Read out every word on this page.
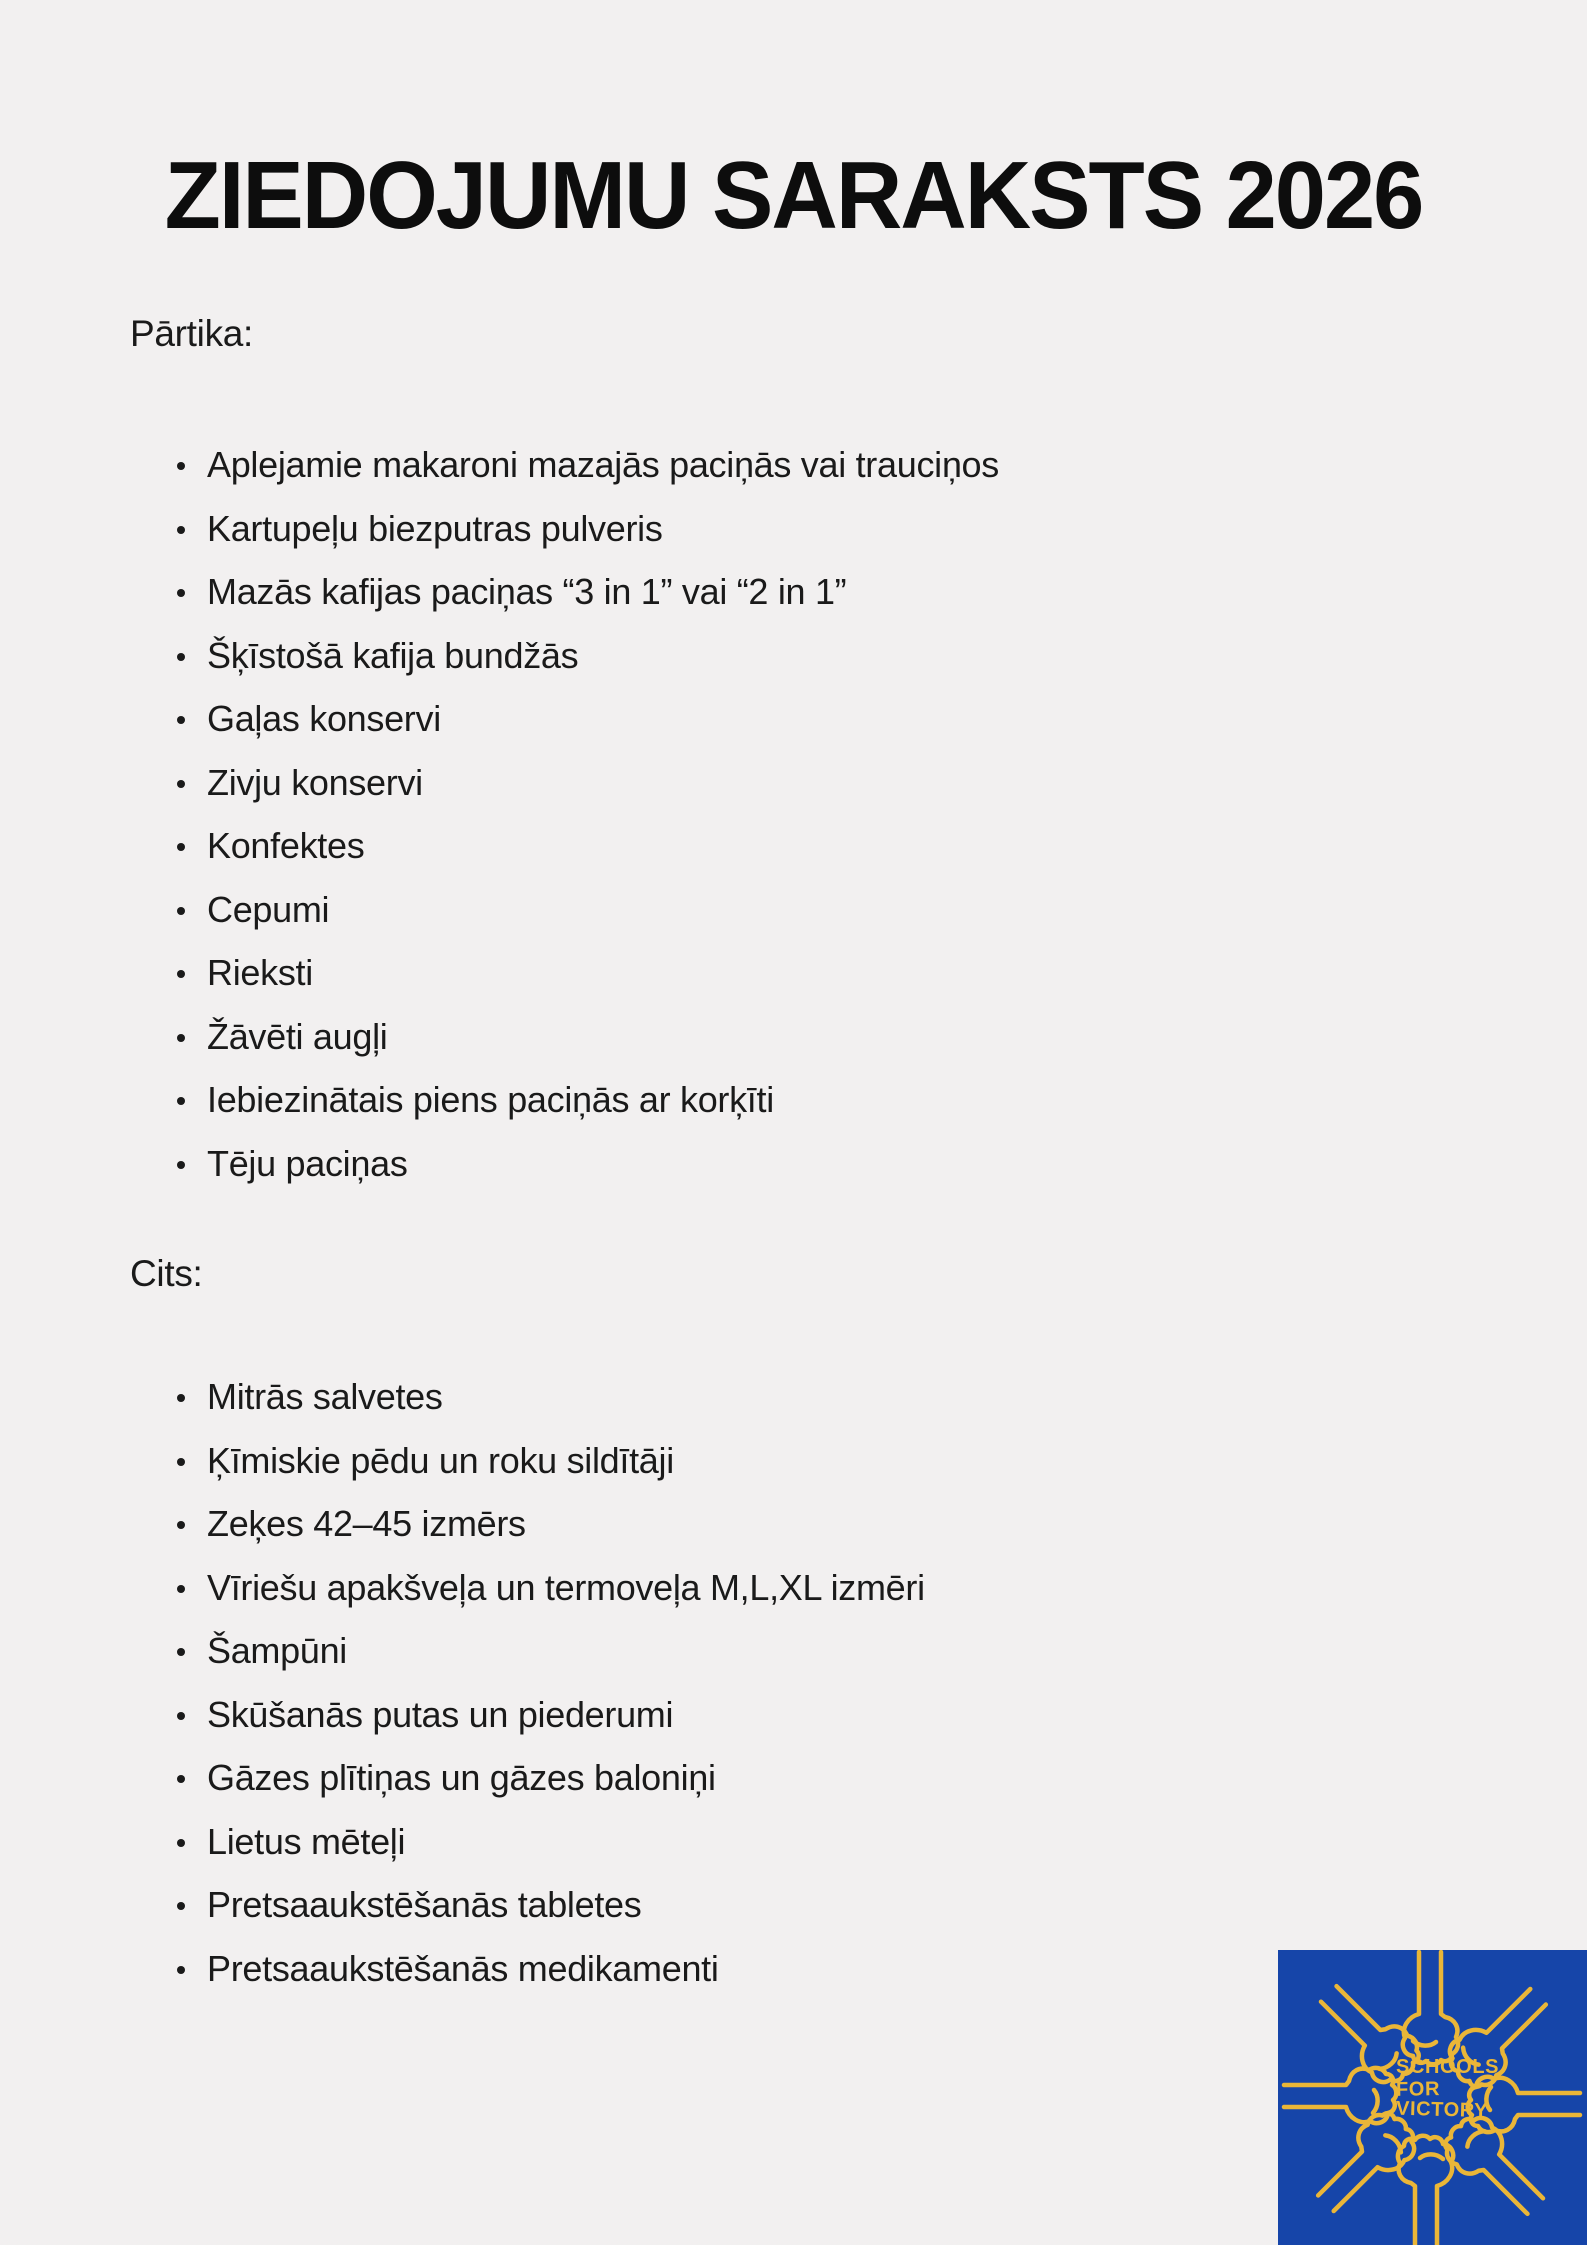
ZIEDOJUMU SARAKSTS 2026
Pārtika:
Aplejamie makaroni mazajās paciņās vai trauciņos
Kartupeļu biezputras pulveris
Mazās kafijas paciņas “3 in 1” vai “2 in 1”
Šķīstošā kafija bundžās
Gaļas konservi
Zivju konservi
Konfektes
Cepumi
Rieksti
Žāvēti augļi
Iebiezinātais piens paciņās ar korķīti
Tēju paciņas
Cits:
Mitrās salvetes
Ķīmiskie pēdu un roku sildītāji
Zeķes 42–45 izmērs
Vīriešu apakšveļa un termoveļa M,L,XL izmēri
Šampūni
Skūšanās putas un piederumi
Gāzes plītiņas un gāzes baloniņi
Lietus mēteļi
Pretsaaukstēšanās tabletes
Pretsaaukstēšanās medikamenti
SCHOOLS
FOR
VICTORY
